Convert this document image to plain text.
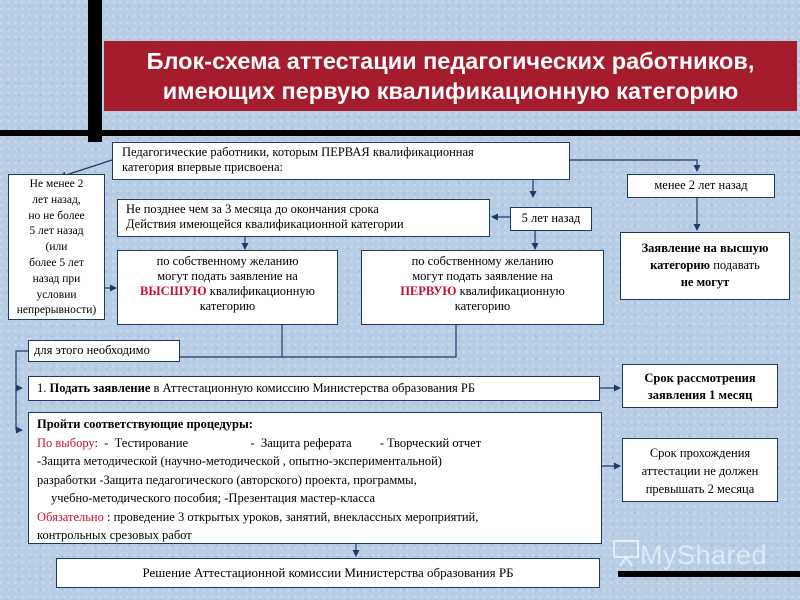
Блок-схема аттестации педагогических работников,
имеющих первую квалификационную категорию
Педагогические работники, которым ПЕРВАЯ квалификационная
категория впервые присвоена:
Не менее 2
лет назад,
но не более
5 лет назад
(или
более 5 лет
назад при
условии
непрерывности)
Не позднее чем за 3 месяца до окончания срока
Действия имеющейся квалификационной категории	5 лет назад
менее 2 лет назад
Заявление на высшую
категорию подавать
не могут
по собственному желанию
могут подать заявление на
ВЫСШУЮ квалификационную
категорию
по собственному желанию
могут подать заявление на
ПЕРВУЮ квалификационную
категорию
для этого необходимо
1. Подать заявление в Аттестационную комиссию Министерства образования РБ
Срок рассмотрения
заявления 1 месяц
Пройти соответствующие процедуры:
По выбору:  -  Тестированиe                    -  Защита реферата         - Творческий отчет
-Защита методической (научно-методической , опытно-экспериментальной)
разработки -Защита педагогического (авторского) проекта, программы,
учебно-методического пособия; -Презентация мастер-класса
Обязательно : проведение 3 открытых уроков, занятий, внеклассных мероприятий,
контрольных срезовых работ
Срок прохождения
аттестации не должен
превышать 2 месяца
Решение Аттестационной комиссии Министерства образования РБ
MyShared
